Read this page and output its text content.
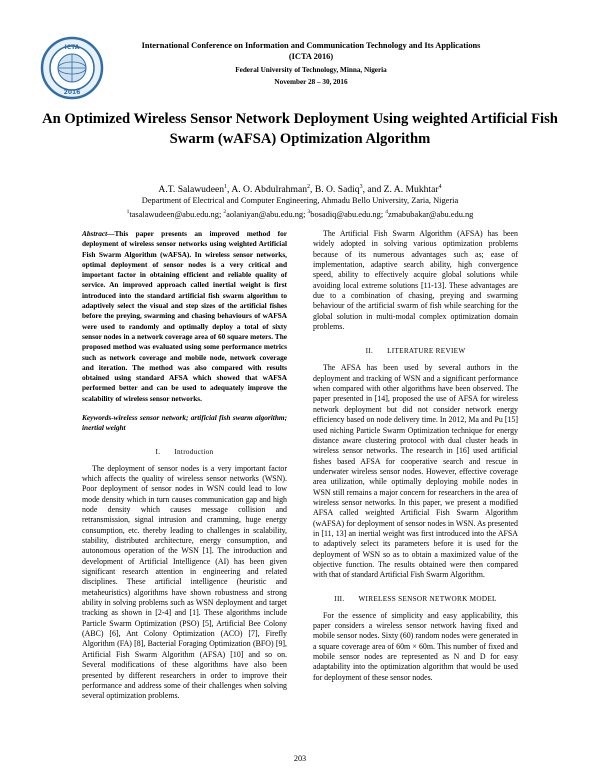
ICTA
2016
International Conference on Information and Communication Technology and Its Applications
(ICTA 2016)
Federal University of Technology, Minna, Nigeria
November 28 – 30, 2016
An Optimized Wireless Sensor Network Deployment Using weighted Artificial Fish Swarm (wAFSA) Optimization Algorithm
A.T. Salawudeen$^1$, A. O. Abdulrahman$^2$, B. O. Sadiq$^3$, and Z. A. Mukhtar$^4$
Department of Electrical and Computer Engineering, Ahmadu Bello University, Zaria, Nigeria
$^1$tasalawudeen@abu.edu.ng; $^2$aolaniyan@abu.edu.ng; $^3$bosadiq@abu.edu.ng; $^4$zmabubakar@abu.edu.ng

Abstract—This paper presents an improved method for deployment of wireless sensor networks using weighted Artificial Fish Swarm Algorithm (wAFSA). In wireless sensor networks, optimal deployment of sensor nodes is a very critical and important factor in obtaining efficient and reliable quality of service. An improved approach called inertial weight is first introduced into the standard artificial fish swarm algorithm to adaptively select the visual and step sizes of the artificial fishes before the preying, swarming and chasing behaviours of wAFSA were used to randomly and optimally deploy a total of sixty sensor nodes in a network coverage area of 60 square meters. The proposed method was evaluated using some performance metrics such as network coverage and mobile node, network coverage and iteration. The method was also compared with results obtained using standard AFSA which showed that wAFSA performed better and can be used to adequately improve the scalability of wireless sensor networks.

Keywords-wireless sensor network; artificial fish swarm algorithm; inertial weight

I. Introduction

The deployment of sensor nodes is a very important factor which affects the quality of wireless sensor networks (WSN). Poor deployment of sensor nodes in WSN could lead to low mode density which in turn causes communication gap and high node density which causes message collision and retransmission, signal intrusion and cramming, huge energy consumption, etc. thereby leading to challenges in scalability, stability, distributed architecture, energy consumption, and autonomous operation of the WSN [1]. The introduction and development of Artificial Intelligence (AI) has been given significant research attention in engineering and related disciplines. These artificial intelligence (heuristic and metaheuristics) algorithms have shown robustness and strong ability in solving problems such as WSN deployment and target tracking as shown in [2-4] and [1]. These algorithms include Particle Swarm Optimization (PSO) [5], Artificial Bee Colony (ABC) [6], Ant Colony Optimization (ACO) [7], Firefly Algorithm (FA) [8], Bacterial Foraging Optimization (BFO) [9], Artificial Fish Swarm Algorithm (AFSA) [10] and so on. Several modifications of these algorithms have also been presented by different researchers in order to improve their performance and address some of their challenges when solving several optimization problems.

The Artificial Fish Swarm Algorithm (AFSA) has been widely adopted in solving various optimization problems because of its numerous advantages such as; ease of implementation, adaptive search ability, high convergence speed, ability to effectively acquire global solutions while avoiding local extreme solutions [11-13]. These advantages are due to a combination of chasing, preying and swarming behaviour of the artificial swarm of fish while searching for the global solution in multi-modal complex optimization domain problems.

II. LITERATURE REVIEW

The AFSA has been used by several authors in the deployment and tracking of WSN and a significant performance when compared with other algorithms have been observed. The paper presented in [14], proposed the use of AFSA for wireless network deployment but did not consider network energy efficiency based on node delivery time. In 2012, Ma and Pu [15] used niching Particle Swarm Optimization technique for energy distance aware clustering protocol with dual cluster heads in wireless sensor networks. The research in [16] used artificial fishes based AFSA for cooperative search and rescue in underwater wireless sensor nodes. However, effective coverage area utilization, while optimally deploying mobile nodes in WSN still remains a major concern for researchers in the area of wireless sensor networks. In this paper, we present a modified AFSA called weighted Artificial Fish Swarm Algorithm (wAFSA) for deployment of sensor nodes in WSN. As presented in [11, 13] an inertial weight was first introduced into the AFSA to adaptively select its parameters before it is used for the deployment of WSN so as to obtain a maximized value of the objective function. The results obtained were then compared with that of standard Artificial Fish Swarm Algorithm.

III. WIRELESS SENSOR NETWORK MODEL

For the essence of simplicity and easy applicability, this paper considers a wireless sensor network having fixed and mobile sensor nodes. Sixty (60) random nodes were generated in a square coverage area of 60m × 60m. This number of fixed and mobile sensor nodes are represented as N and D for easy adaptability into the optimization algorithm that would be used for deployment of these sensor nodes.

203
